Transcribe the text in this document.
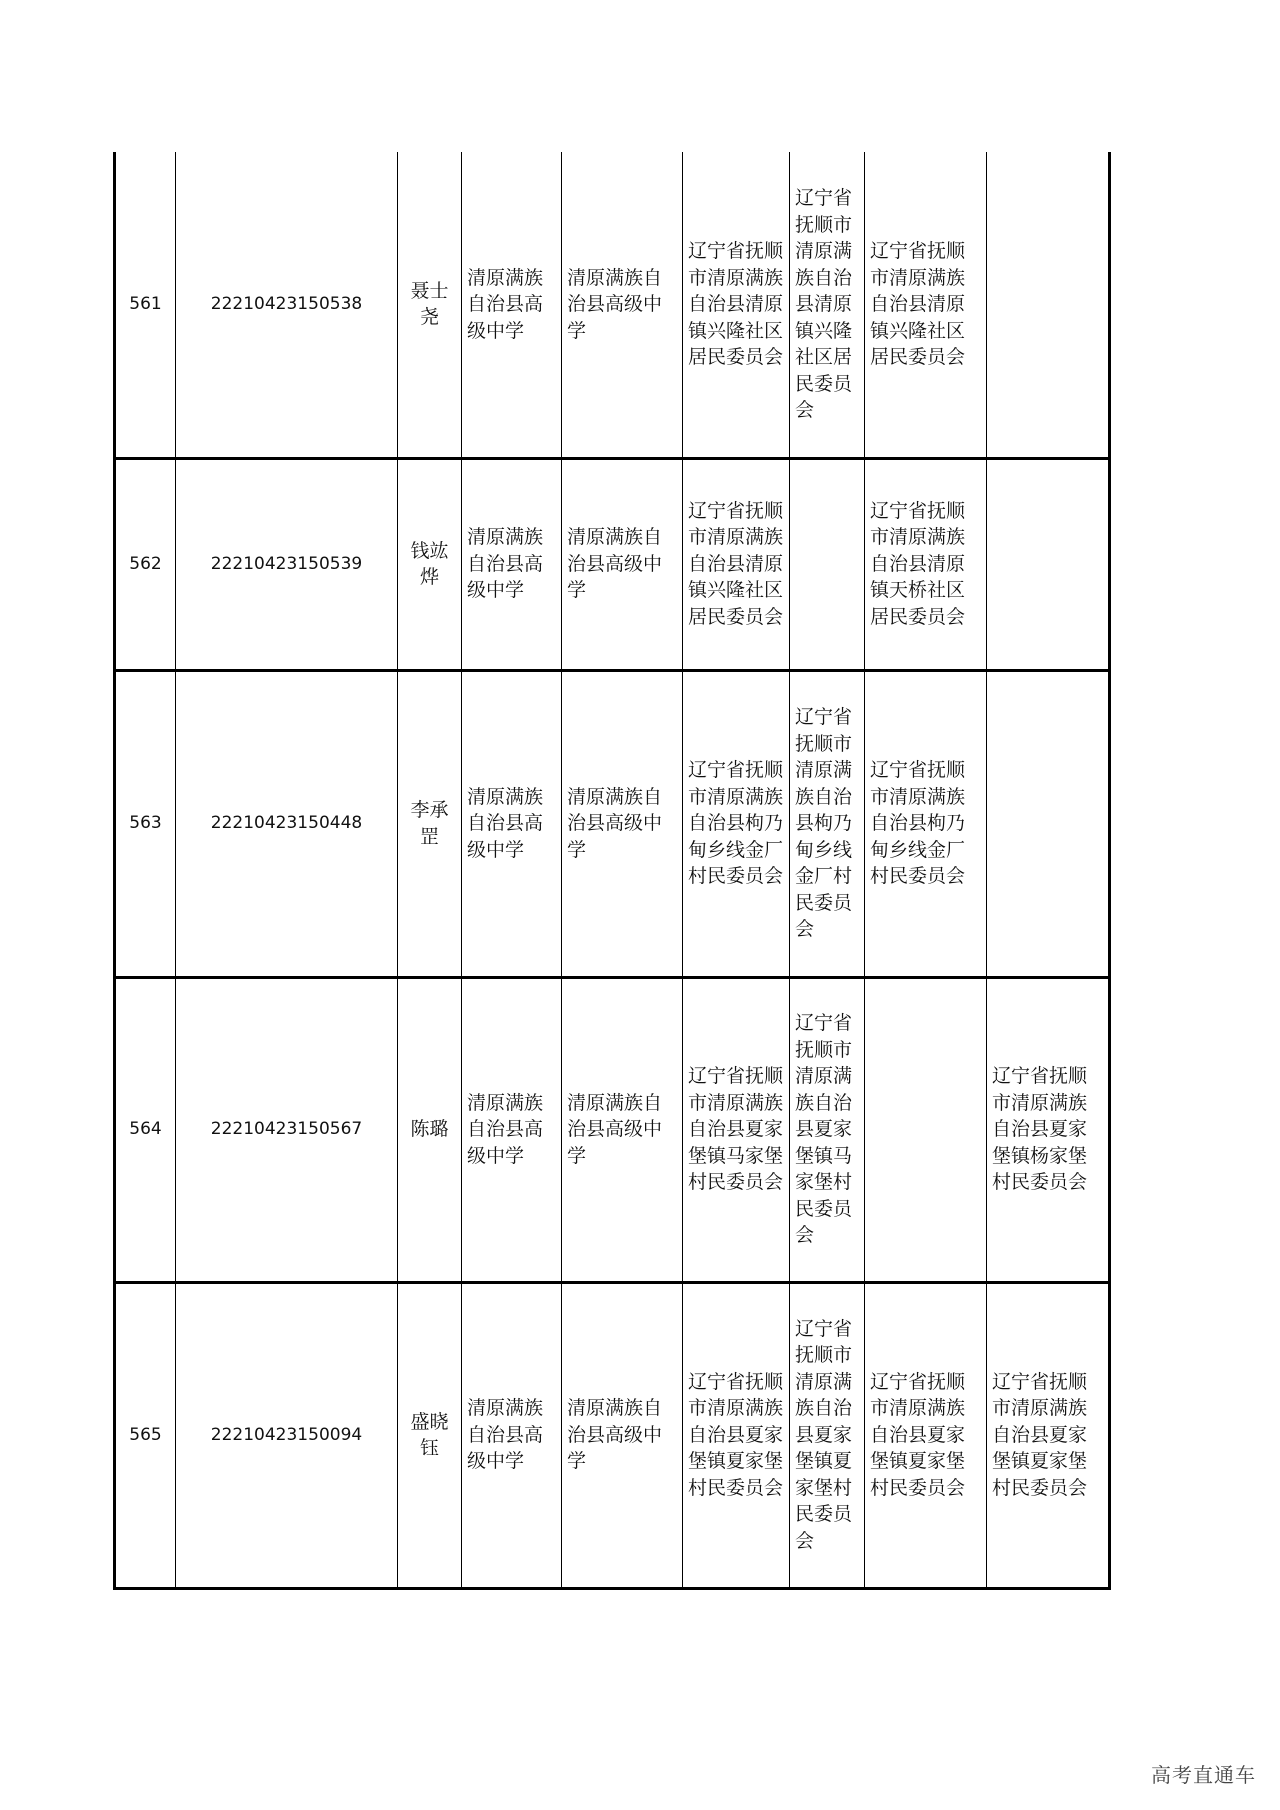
561	22210423150538	聂士尧	清原满族自治县高级中学	清原满族自治县高级中学	辽宁省抚顺市清原满族自治县清原镇兴隆社区居民委员会	辽宁省抚顺市清原满族自治县清原镇兴隆社区居民委员会	辽宁省抚顺市清原满族自治县清原镇兴隆社区居民委员会	
562	22210423150539	钱竑烨	清原满族自治县高级中学	清原满族自治县高级中学	辽宁省抚顺市清原满族自治县清原镇兴隆社区居民委员会		辽宁省抚顺市清原满族自治县清原镇天桥社区居民委员会	
563	22210423150448	李承罡	清原满族自治县高级中学	清原满族自治县高级中学	辽宁省抚顺市清原满族自治县枸乃甸乡线金厂村民委员会	辽宁省抚顺市清原满族自治县枸乃甸乡线金厂村民委员会	辽宁省抚顺市清原满族自治县枸乃甸乡线金厂村民委员会	
564	22210423150567	陈璐	清原满族自治县高级中学	清原满族自治县高级中学	辽宁省抚顺市清原满族自治县夏家堡镇马家堡村民委员会	辽宁省抚顺市清原满族自治县夏家堡镇马家堡村民委员会		辽宁省抚顺市清原满族自治县夏家堡镇杨家堡村民委员会
565	22210423150094	盛晓钰	清原满族自治县高级中学	清原满族自治县高级中学	辽宁省抚顺市清原满族自治县夏家堡镇夏家堡村民委员会	辽宁省抚顺市清原满族自治县夏家堡镇夏家堡村民委员会	辽宁省抚顺市清原满族自治县夏家堡镇夏家堡村民委员会	辽宁省抚顺市清原满族自治县夏家堡镇夏家堡村民委员会
高考直通车
